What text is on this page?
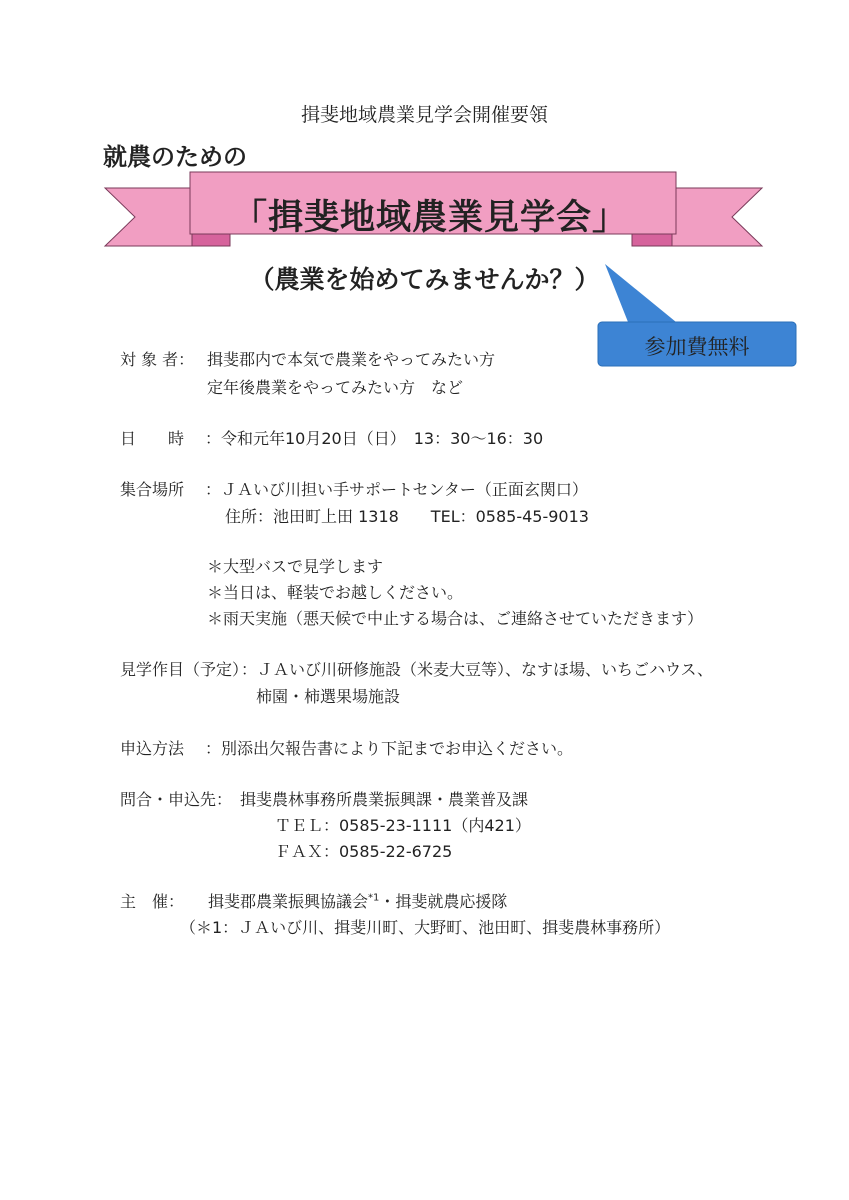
揖斐地域農業見学会開催要領
就農のための
「揖斐地域農業見学会」
（農業を始めてみませんか？）
参加費無料
対 象 者： 揖斐郡内で本気で農業をやってみたい方
定年後農業をやってみたい方　など
日　　時 ：令和元年10月20日（日）　13：30～16：30
集合場所 ：ＪＡいび川担い手サポートセンター（正面玄関口）
住所：池田町上田 1318　　TEL：0585-45-9013
＊大型バスで見学します
＊当日は、軽装でお越しください。
＊雨天実施（悪天候で中止する場合は、ご連絡させていただきます）
見学作目（予定）
：ＪＡいび川研修施設（米麦大豆等）、なすほ場、いちごハウス、
柿園・柿選果場施設
申込方法 ：別添出欠報告書により下記までお申込ください。
問合・申込先： 揖斐農林事務所農業振興課・農業普及課
ＴＥＬ：0585-23-1111（内421）
ＦＡＸ：0585-22-6725
主　催： 揖斐郡農業振興協議会$^{*1}$・揖斐就農応援隊
（＊1：ＪＡいび川、揖斐川町、大野町、池田町、揖斐農林事務所）
